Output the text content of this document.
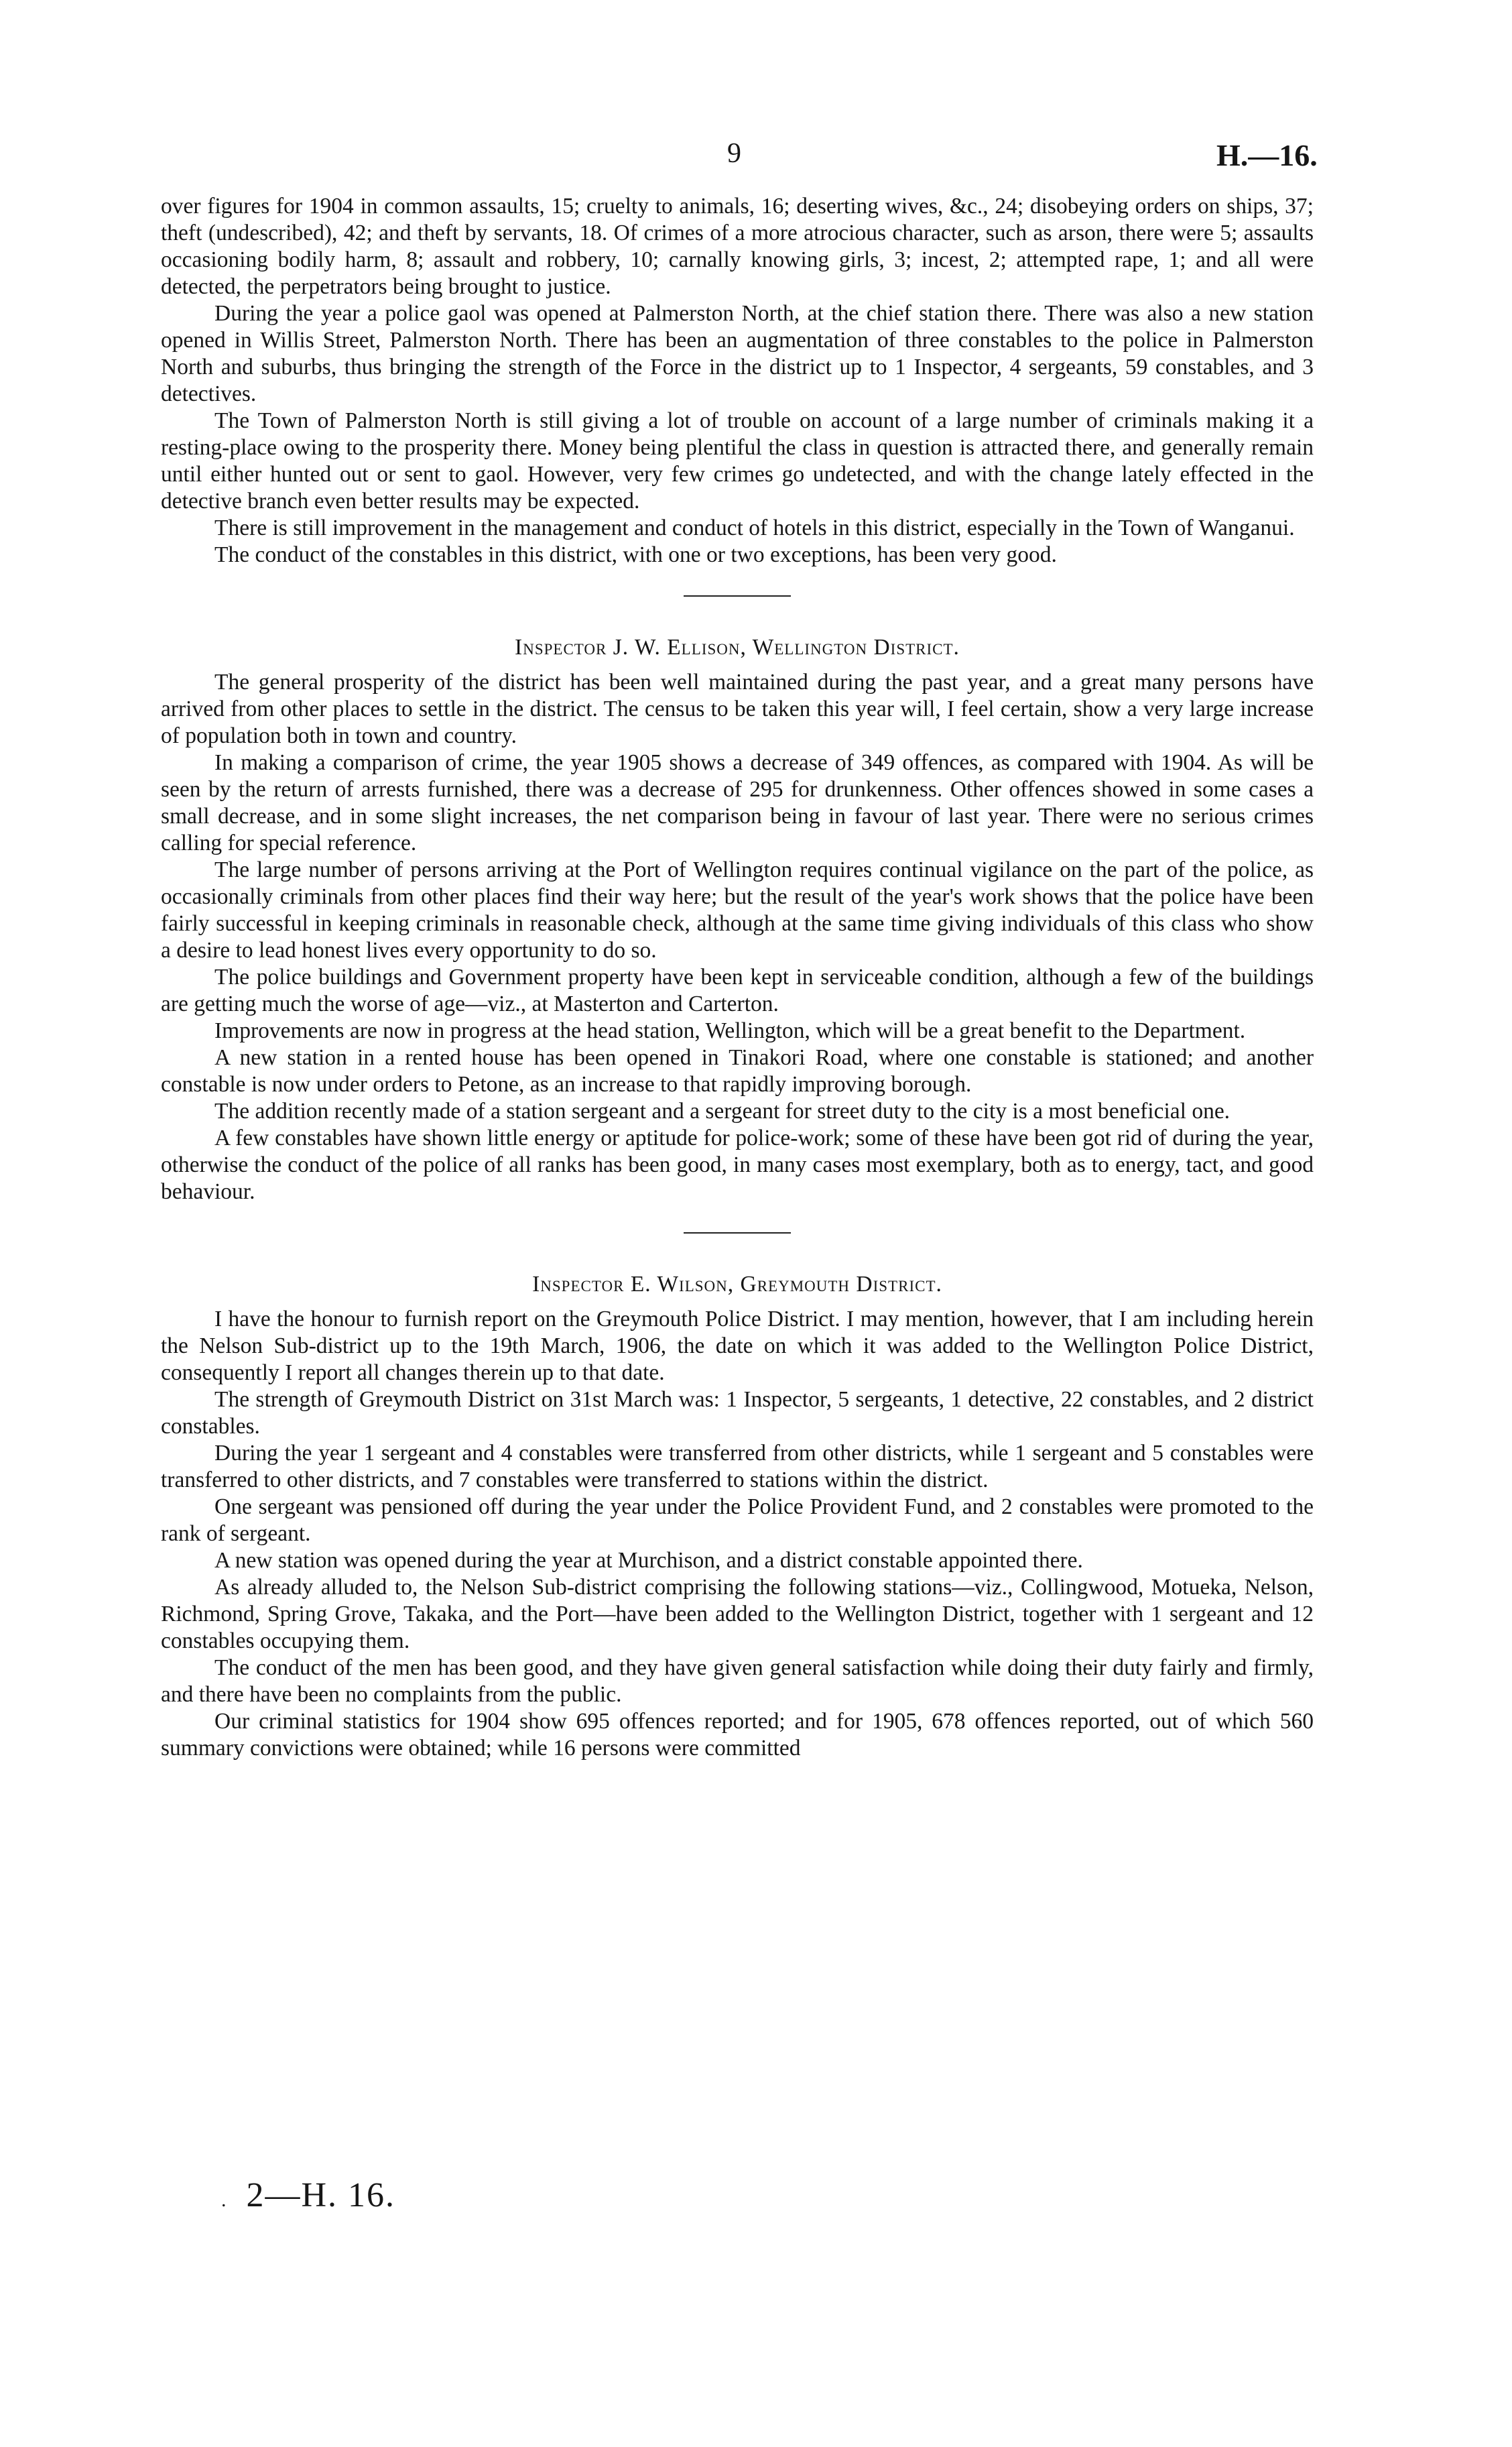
9	H.—16.

over figures for 1904 in common assaults, 15; cruelty to animals, 16; deserting wives, &c., 24; disobeying orders on ships, 37; theft (undescribed), 42; and theft by servants, 18. Of crimes of a more atrocious character, such as arson, there were 5; assaults occasioning bodily harm, 8; assault and robbery, 10; carnally knowing girls, 3; incest, 2; attempted rape, 1; and all were detected, the perpetrators being brought to justice.

During the year a police gaol was opened at Palmerston North, at the chief station there. There was also a new station opened in Willis Street, Palmerston North. There has been an augmentation of three constables to the police in Palmerston North and suburbs, thus bringing the strength of the Force in the district up to 1 Inspector, 4 sergeants, 59 constables, and 3 detectives.

The Town of Palmerston North is still giving a lot of trouble on account of a large number of criminals making it a resting-place owing to the prosperity there. Money being plentiful the class in question is attracted there, and generally remain until either hunted out or sent to gaol. However, very few crimes go undetected, and with the change lately effected in the detective branch even better results may be expected.

There is still improvement in the management and conduct of hotels in this district, especially in the Town of Wanganui.

The conduct of the constables in this district, with one or two exceptions, has been very good.

Inspector J. W. Ellison, Wellington District.

The general prosperity of the district has been well maintained during the past year, and a great many persons have arrived from other places to settle in the district. The census to be taken this year will, I feel certain, show a very large increase of population both in town and country.

In making a comparison of crime, the year 1905 shows a decrease of 349 offences, as compared with 1904. As will be seen by the return of arrests furnished, there was a decrease of 295 for drunkenness. Other offences showed in some cases a small decrease, and in some slight increases, the net comparison being in favour of last year. There were no serious crimes calling for special reference.

The large number of persons arriving at the Port of Wellington requires continual vigilance on the part of the police, as occasionally criminals from other places find their way here; but the result of the year's work shows that the police have been fairly successful in keeping criminals in reasonable check, although at the same time giving individuals of this class who show a desire to lead honest lives every opportunity to do so.

The police buildings and Government property have been kept in serviceable condition, although a few of the buildings are getting much the worse of age—viz., at Masterton and Carterton.

Improvements are now in progress at the head station, Wellington, which will be a great benefit to the Department.

A new station in a rented house has been opened in Tinakori Road, where one constable is stationed; and another constable is now under orders to Petone, as an increase to that rapidly improving borough.

The addition recently made of a station sergeant and a sergeant for street duty to the city is a most beneficial one.

A few constables have shown little energy or aptitude for police-work; some of these have been got rid of during the year, otherwise the conduct of the police of all ranks has been good, in many cases most exemplary, both as to energy, tact, and good behaviour.

Inspector E. Wilson, Greymouth District.

I have the honour to furnish report on the Greymouth Police District. I may mention, however, that I am including herein the Nelson Sub-district up to the 19th March, 1906, the date on which it was added to the Wellington Police District, consequently I report all changes therein up to that date.

The strength of Greymouth District on 31st March was: 1 Inspector, 5 sergeants, 1 detective, 22 constables, and 2 district constables.

During the year 1 sergeant and 4 constables were transferred from other districts, while 1 sergeant and 5 constables were transferred to other districts, and 7 constables were transferred to stations within the district.

One sergeant was pensioned off during the year under the Police Provident Fund, and 2 constables were promoted to the rank of sergeant.

A new station was opened during the year at Murchison, and a district constable appointed there.

As already alluded to, the Nelson Sub-district comprising the following stations—viz., Collingwood, Motueka, Nelson, Richmond, Spring Grove, Takaka, and the Port—have been added to the Wellington District, together with 1 sergeant and 12 constables occupying them.

The conduct of the men has been good, and they have given general satisfaction while doing their duty fairly and firmly, and there have been no complaints from the public.

Our criminal statistics for 1904 show 695 offences reported; and for 1905, 678 offences reported, out of which 560 summary convictions were obtained; while 16 persons were committed

. 2—H. 16.
